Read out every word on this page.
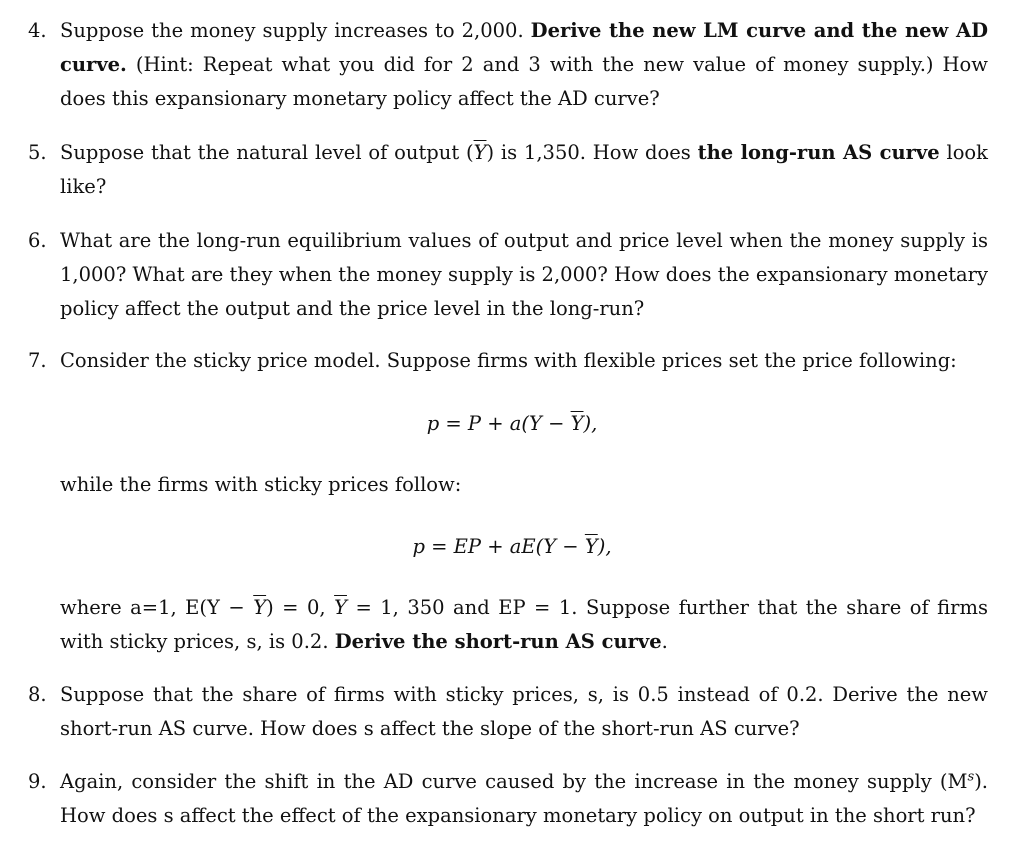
4. Suppose the money supply increases to 2,000. Derive the new LM curve and the new AD curve. (Hint: Repeat what you did for 2 and 3 with the new value of money supply.) How does this expansionary monetary policy affect the AD curve?
5. Suppose that the natural level of output $(\overline{Y})$ is 1,350. How does the long-run AS curve look like?
6. What are the long-run equilibrium values of output and price level when the money supply is 1,000? What are they when the money supply is 2,000? How does the expansionary monetary policy affect the output and the price level in the long-run?
7. Consider the sticky price model. Suppose firms with flexible prices set the price following:
$p = P + a(Y - \overline{Y})$,
while the firms with sticky prices follow:
p = EP + $aE(Y - \overline{Y})$,
where a=1, $E(Y - \overline{Y}) = 0$, $\overline{Y} = 1$, 350 and EP = 1. Suppose further that the share of firms with sticky prices, s, is 0.2. Derive the short-run AS curve.
8. Suppose that the share of firms with sticky prices, s, is 0.5 instead of 0.2. Derive the new short-run AS curve. How does s affect the slope of the short-run AS curve?
9. Again, consider the shift in the AD curve caused by the increase in the money supply $(M^s)$. How does s affect the effect of the expansionary monetary policy on output in the short run?
